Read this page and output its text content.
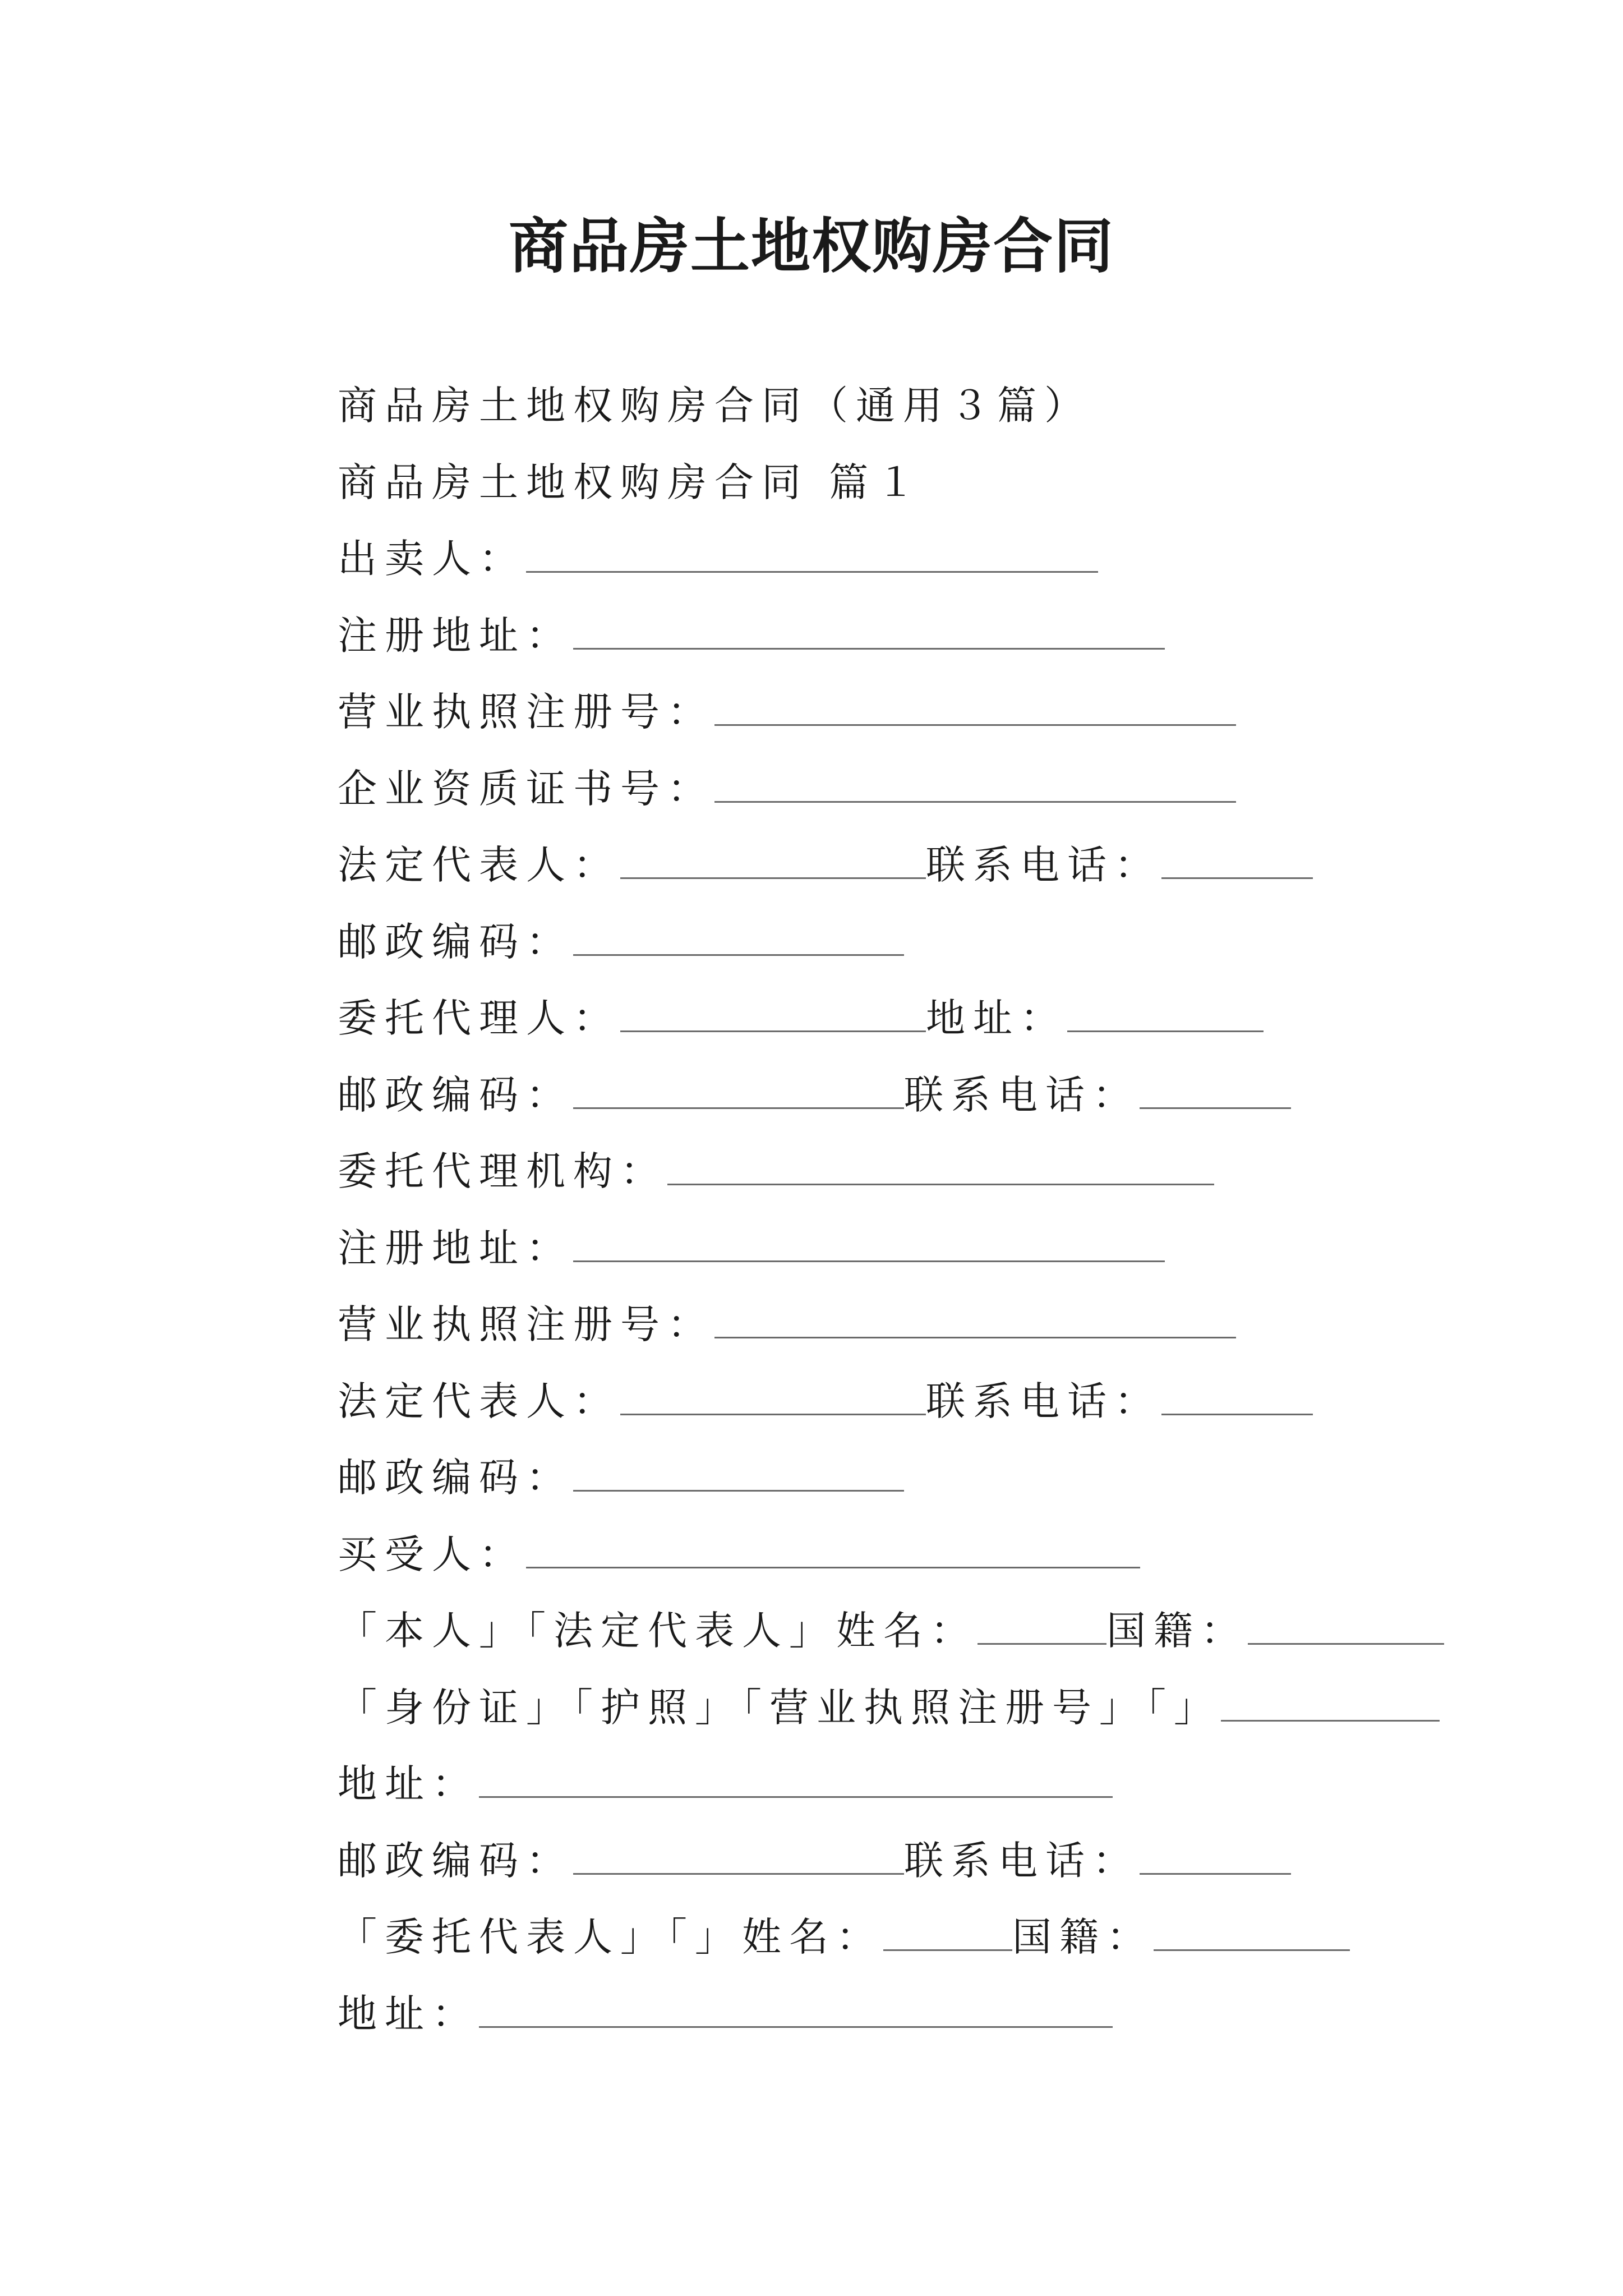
商品房土地权购房合同
商品房土地权购房合同（通用３篇）
商品房土地权购房合同 篇１
出卖人：
注册地址：
营业执照注册号：
企业资质证书号：
法定代表人：	联系电话：
邮政编码：
委托代理人：	地址：
邮政编码：	联系电话：
委托代理机构：
注册地址：
营业执照注册号：
法定代表人：	联系电话：
邮政编码：
买受人：
「本人」「法定代表人」姓名：	国籍：
「身份证」「护照」「营业执照注册号」「」
地址：
邮政编码：	联系电话：
「委托代表人」「」姓名：	国籍：
地址：
